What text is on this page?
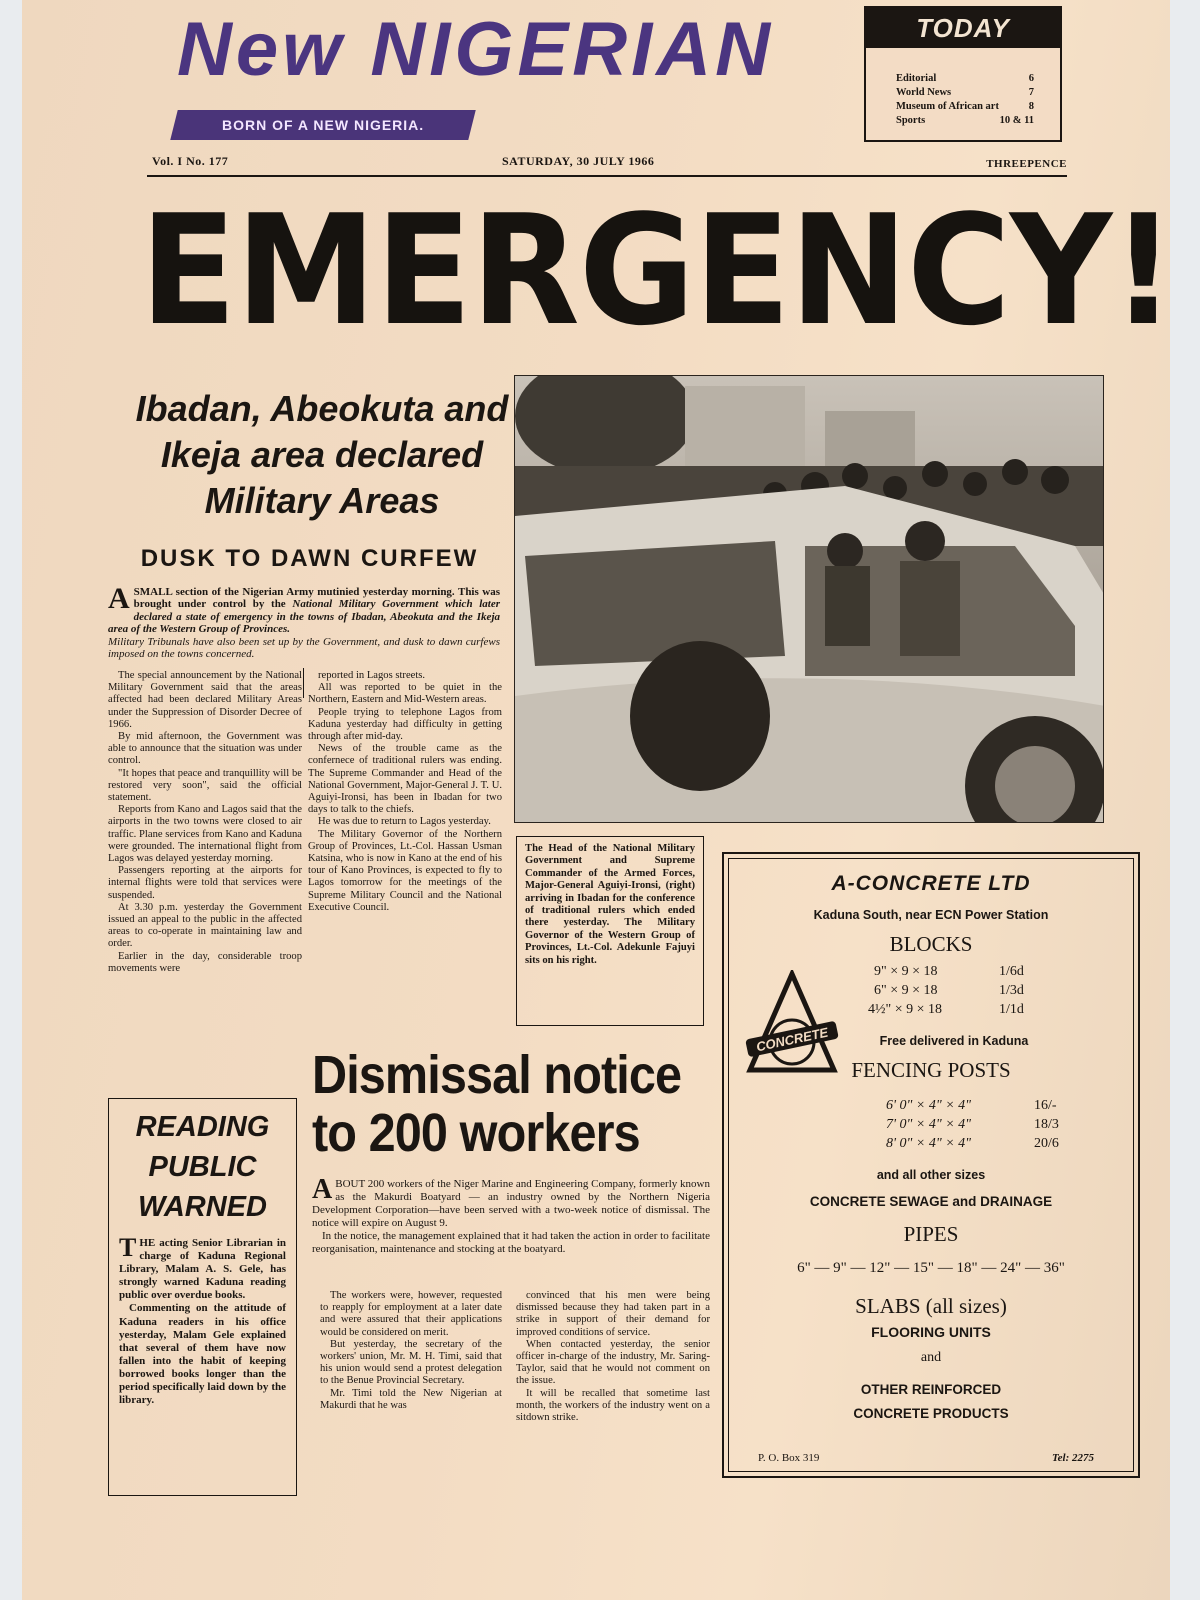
New NIGERIAN
BORN OF A NEW NIGERIA.
TODAY
Editorial	6
World News	7
Museum of African art	8
Sports	10 & 11
Vol. I No. 177	SATURDAY, 30 JULY 1966	THREEPENCE
EMERGENCY!
Ibadan, Abeokuta and
Ikeja area declared
Military Areas
DUSK TO DAWN CURFEW
A SMALL section of the Nigerian Army mutinied yesterday morning. This was brought under control by the National Military Government which later declared a state of emergency in the towns of Ibadan, Abeokuta and the Ikeja area of the Western Group of Provinces.
Military Tribunals have also been set up by the Government, and dusk to dawn curfews imposed on the towns concerned.

The special announcement by the National Military Government said that the areas affected had been declared Military Areas under the Suppression of Disorder Decree of 1966.

By mid afternoon, the Government was able to announce that the situation was under control.

"It hopes that peace and tranquillity will be restored very soon", said the official statement.

Reports from Kano and Lagos said that the airports in the two towns were closed to air traffic. Plane services from Kano and Kaduna were grounded. The international flight from Lagos was delayed yesterday morning.

Passengers reporting at the airports for internal flights were told that services were suspended.

At 3.30 p.m. yesterday the Government issued an appeal to the public in the affected areas to co-operate in maintaining law and order.

Earlier in the day, considerable troop movements were

reported in Lagos streets.

All was reported to be quiet in the Northern, Eastern and Mid-Western areas.

People trying to telephone Lagos from Kaduna yesterday had difficulty in getting through after mid-day.

News of the trouble came as the confernece of traditional rulers was ending. The Supreme Commander and Head of the National Government, Major-General J. T. U. Aguiyi-Ironsi, has been in Ibadan for two days to talk to the chiefs.

He was due to return to Lagos yesterday.

The Military Governor of the Northern Group of Provinces, Lt.-Col. Hassan Usman Katsina, who is now in Kano at the end of his tour of Kano Provinces, is expected to fly to Lagos tomorrow for the meetings of the Supreme Military Council and the National Executive Council.

The Head of the National Military Government and Supreme Commander of the Armed Forces, Major-General Aguiyi-Ironsi, (right) arriving in Ibadan for the conference of traditional rulers which ended there yesterday. The Military Governor of the Western Group of Provinces, Lt.-Col. Adekunle Fajuyi sits on his right.
Dismissal notice
to 200 workers
A BOUT 200 workers of the Niger Marine and Engineering Company, formerly known as the Makurdi Boatyard — an industry owned by the Northern Nigeria Development Corporation—have been served with a two-week notice of dismissal. The notice will expire on August 9.
In the notice, the management explained that it had taken the action in order to facilitate reorganisation, maintenance and stocking at the boatyard.

The workers were, however, requested to reapply for employment at a later date and were assured that their applications would be considered on merit.

But yesterday, the secretary of the workers' union, Mr. M. H. Timi, said that his union would send a protest delegation to the Benue Provincial Secretary.

Mr. Timi told the New Nigerian at Makurdi that he was

convinced that his men were being dismissed because they had taken part in a strike in support of their demand for improved conditions of service.

When contacted yesterday, the senior officer in-charge of the industry, Mr. Saring-Taylor, said that he would not comment on the issue.

It will be recalled that sometime last month, the workers of the industry went on a sitdown strike.

READING
PUBLIC
WARNED
T HE acting Senior Librarian in charge of Kaduna Regional Library, Malam A. S. Gele, has strongly warned Kaduna reading public over overdue books.

Commenting on the attitude of Kaduna readers in his office yesterday, Malam Gele explained that several of them have now fallen into the habit of keeping borrowed books longer than the period specifically laid down by the library.

A-CONCRETE LTD
Kaduna South, near ECN Power Station
CONCRETE
BLOCKS
9" × 9 × 18	1/6d
6" × 9 × 18	1/3d
4½" × 9 × 18	1/1d
Free delivered in Kaduna
FENCING POSTS
6' 0" × 4" × 4"	16/-
7' 0" × 4" × 4"	18/3
8' 0" × 4" × 4"	20/6
and all other sizes
CONCRETE SEWAGE and DRAINAGE
PIPES
6" — 9" — 12" — 15" — 18" — 24" — 36"
SLABS (all sizes)
FLOORING UNITS
and
OTHER REINFORCED
CONCRETE PRODUCTS
P. O. Box 319	Tel: 2275
